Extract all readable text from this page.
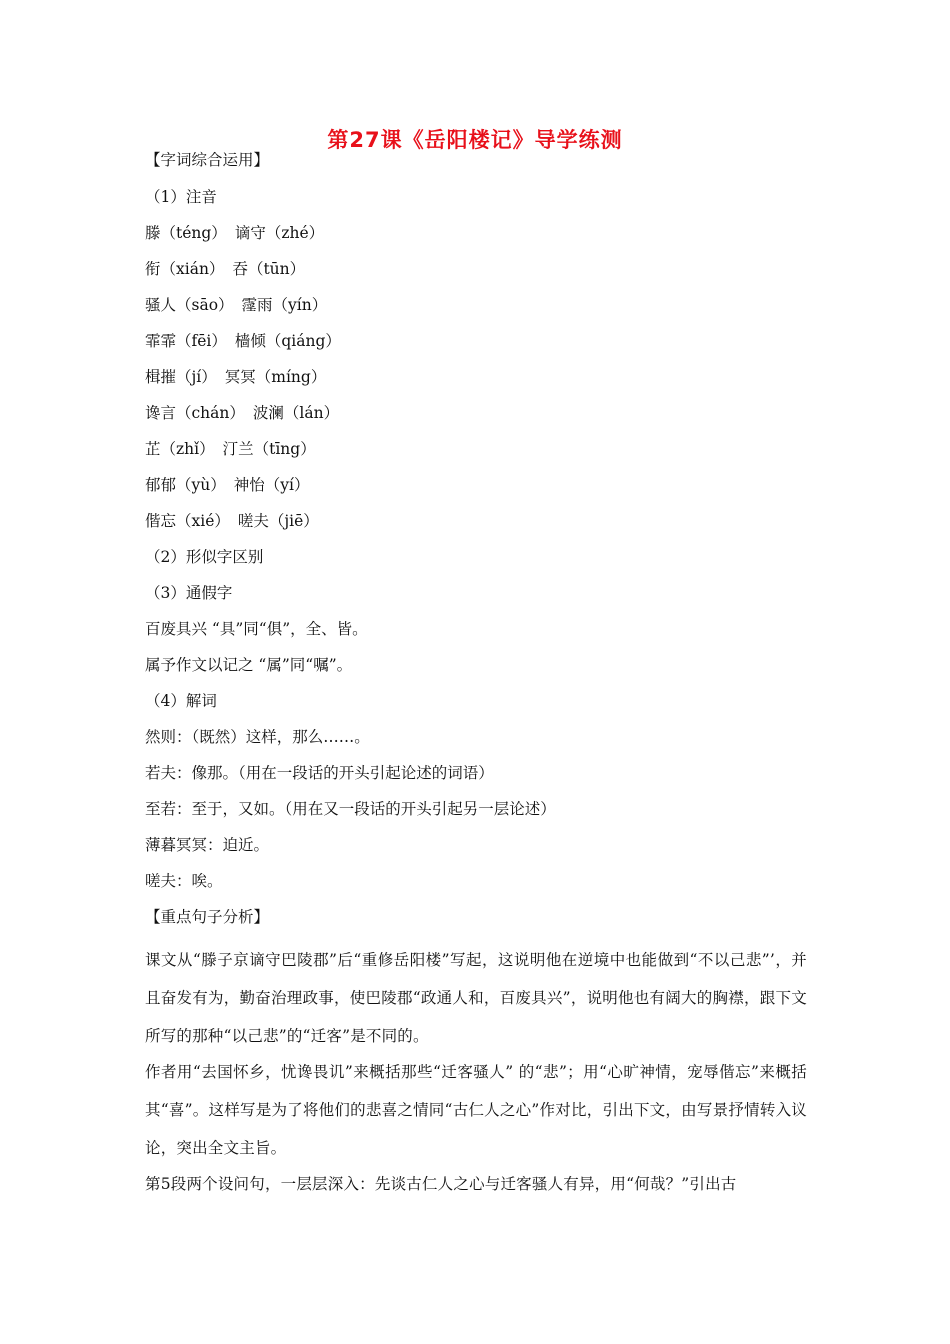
第27课《岳阳楼记》导学练测
【字词综合运用】
（1）注音
滕（téng） 谪守（zhé）
衔（xián） 吞（tūn）
骚人（sāo） 霪雨（yín）
霏霏（fēi） 樯倾（qiáng）
楫摧（jí） 冥冥（míng）
谗言（chán） 波澜（lán）
芷（zhǐ） 汀兰（tīng）
郁郁（yù） 神怡（yí）
偕忘（xié） 嗟夫（jiē）
（2）形似字区别
（3）通假字
百废具兴 “具”同“俱”，全、皆。
属予作文以记之 “属”同“嘱”。
（4）解词
然则：（既然）这样，那么……。
若夫：像那。（用在一段话的开头引起论述的词语）
至若：至于，又如。（用在又一段话的开头引起另一层论述）
薄暮冥冥：迫近。
嗟夫：唉。
【重点句子分析】

课文从“滕子京谪守巴陵郡”后“重修岳阳楼”写起，这说明他在逆境中也能做到“不以己悲”’，并且奋发有为，勤奋治理政事，使巴陵郡“政通人和，百废具兴”，说明他也有阔大的胸襟，跟下文所写的那种“以己悲”的“迁客”是不同的。

作者用“去国怀乡，忧谗畏讥”来概括那些“迁客骚人” 的“悲”；用“心旷神情，宠辱偕忘”来概括其“喜”。这样写是为了将他们的悲喜之情同“古仁人之心”作对比，引出下文，由写景抒情转入议论，突出全文主旨。

第5段两个设问句，一层层深入：先谈古仁人之心与迁客骚人有异，用“何哉？”引出古
